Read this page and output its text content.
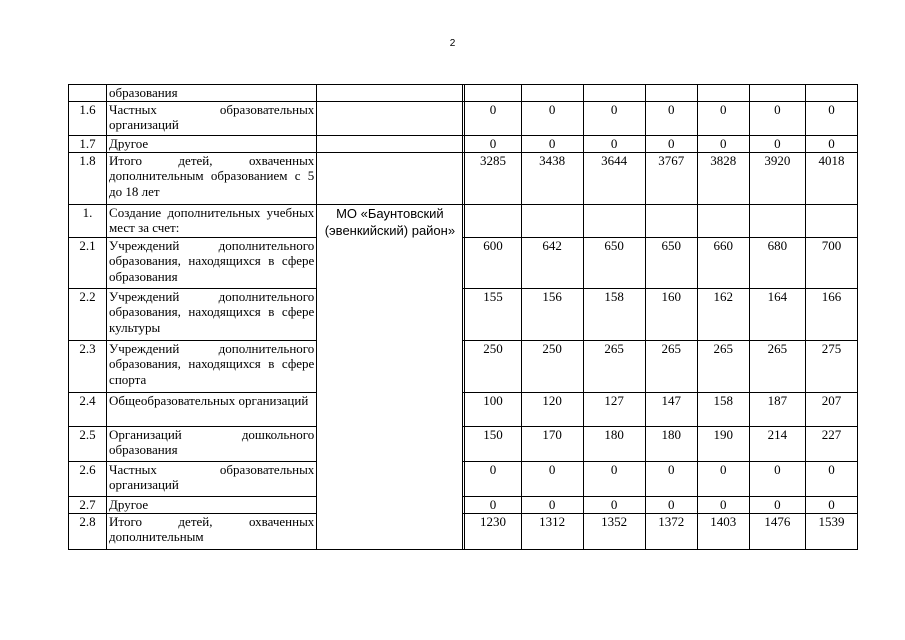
2
	образования									
1.6	Частных образовательных организаций			0	0	0	0	0	0	0
1.7	Другое			0	0	0	0	0	0	0
1.8	Итого детей, охваченных дополнительным образованием с 5 до 18 лет			3285	3438	3644	3767	3828	3920	4018
1.	Создание дополнительных учебных мест за счет:	МО «Баунтовский (эвенкийский) район»								
2.1	Учреждений дополнительного образования, находящихся в сфере образования			600	642	650	650	660	680	700
2.2	Учреждений дополнительного образования, находящихся в сфере культуры			155	156	158	160	162	164	166
2.3	Учреждений дополнительного образования, находящихся в сфере спорта			250	250	265	265	265	265	275
2.4	Общеобразовательных организаций			100	120	127	147	158	187	207
2.5	Организаций дошкольного образования			150	170	180	180	190	214	227
2.6	Частных образовательных организаций			0	0	0	0	0	0	0
2.7	Другое			0	0	0	0	0	0	0
2.8	Итого детей, охваченных дополнительным			1230	1312	1352	1372	1403	1476	1539
